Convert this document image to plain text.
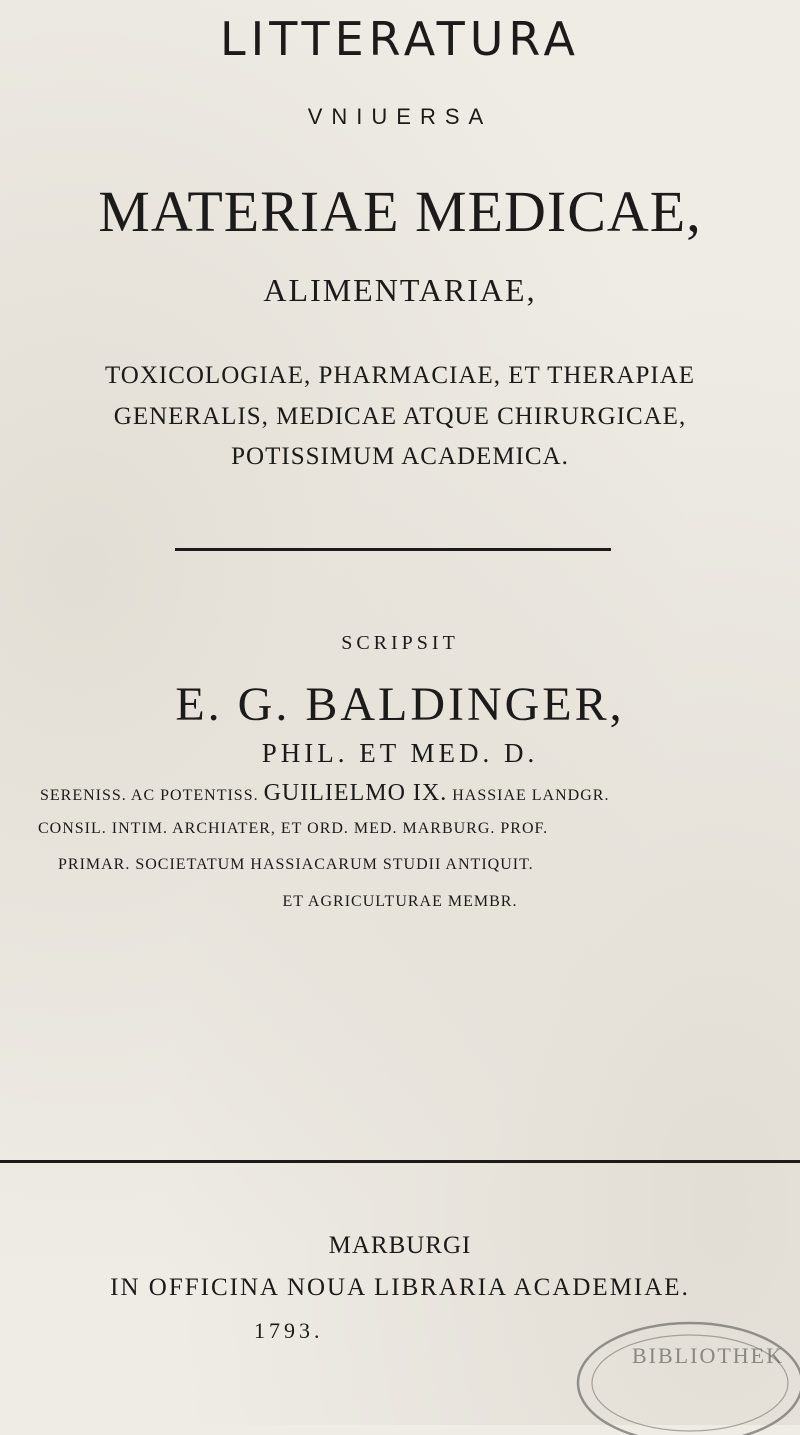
LITTERATURA
VNIUERSA
MATERIAE MEDICAE,
ALIMENTARIAE,
TOXICOLOGIAE, PHARMACIAE, ET THERAPIAE
GENERALIS, MEDICAE ATQUE CHIRURGICAE,
POTISSIMUM ACADEMICA.
SCRIPSIT
E. G. BALDINGER,
PHIL. ET MED. D.
SERENISS. AC POTENTISS. GUILIELMO IX. HASSIAE LANDGR.
CONSIL. INTIM. ARCHIATER, ET ORD. MED. MARBURG. PROF.
PRIMAR. SOCIETATUM HASSIACARUM STUDII ANTIQUIT.
ET AGRICULTURAE MEMBR.
MARBURGI
IN OFFICINA NOUA LIBRARIA ACADEMIAE.
1793.
BIBLIOTHEK
